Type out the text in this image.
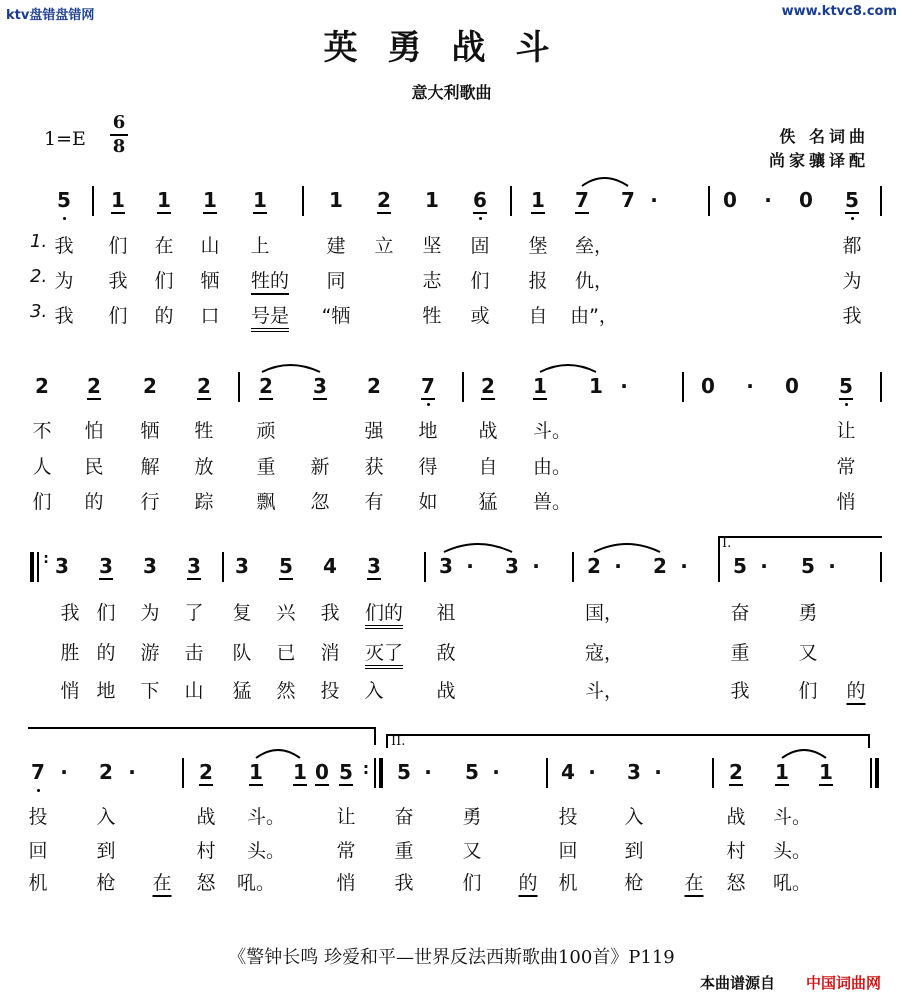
ktv盘错盘错网	www.ktvc8.com
英勇战斗
意大利歌曲
1=E
6
8	佚 名词曲
尚家骧译配
5 1 1 1 1	1 2 1 6 1 7 7 ·	0 · 0 5
1.
2.
3.
我 们 在 山 上	建 立 坚 固 堡 垒，	都
为 我 们 牺 牲的 同	志 们 报 仇，	为
我 们 的 口 号是 “牺	牲 或 自 由”，	我
2 2 2 2 2 3 2 7 2 1 1 ·	0 · 0 5
不 怕 牺 牲 顽	强 地 战 斗。	让
人 民 解 放 重 新 获 得 自 由。	常
们 的 行 踪 飘 忽 有 如 猛 兽。	悄
: 3 3 3 3 3 5 4 3	3 · 3 · 2 · 2 · 5 · 5 ·
I.
我 们 为 了 复 兴 我 们的 祖	国，	奋	勇
胜 的 游 击 队 已 消 灭了 敌	寇，	重	又
悄 地 下 山 猛 然 投 入	战	斗，	我	们 的
II.
7 · 2 ·	2 1 1 0 5 : 5 · 5 ·	4 · 3 ·	2 1 1
投	入	战 斗。	让 奋	勇	投 入	战 斗。
回	到	村 头。	常 重	又	回 到	村 头。
机	枪 在 怒 吼。	悄 我	们 的 机 枪 在 怒 吼。
《警钟长鸣 珍爱和平—世界反法西斯歌曲100首》P119
本曲谱源自 中国词曲网
